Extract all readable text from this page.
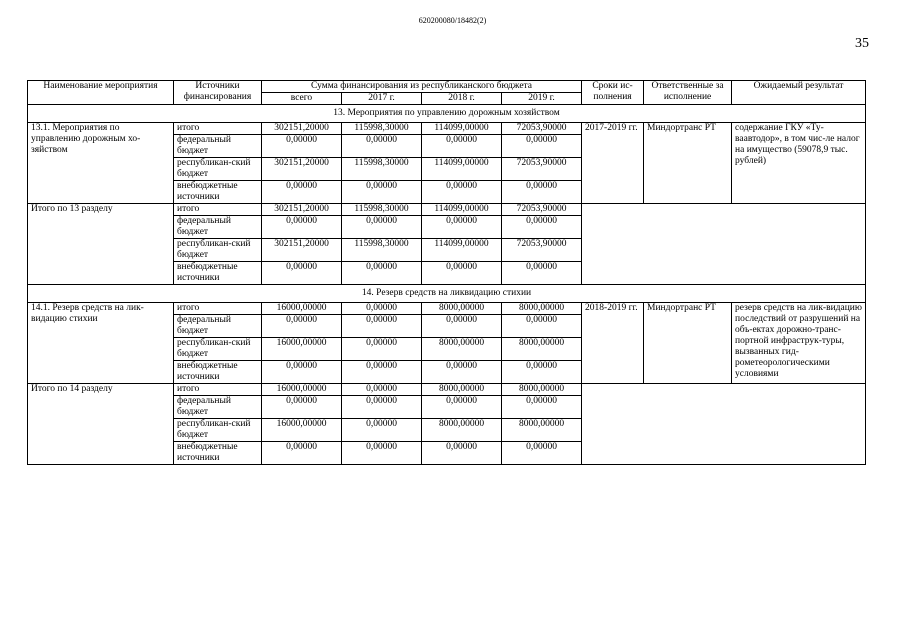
620200080/18482(2)
35
Наименование мероприятия	Источники финансирования	Сумма финансирования из республиканского бюджета				Сроки ис-полнения	Ответственные за исполнение	Ожидаемый результат
		всего	2017 г.	2018 г.	2019 г.			
13. Мероприятия по управлению дорожным хозяйством								
13.1. Мероприятия по управлению дорожным хо-зяйством	итого	302151,20000	115998,30000	114099,00000	72053,90000	2017-2019 гг.	Миндортранс РТ	содержание ГКУ «Ту-ваавтодор», в том чис-ле налог на имущество (59078,9 тыс. рублей)
	федеральный бюджет	0,00000	0,00000	0,00000	0,00000			
	республикан-ский бюджет	302151,20000	115998,30000	114099,00000	72053,90000			
	внебюджетные источники	0,00000	0,00000	0,00000	0,00000			
Итого по 13 разделу	итого	302151,20000	115998,30000	114099,00000	72053,90000			
	федеральный бюджет	0,00000	0,00000	0,00000	0,00000			
	республикан-ский бюджет	302151,20000	115998,30000	114099,00000	72053,90000			
	внебюджетные источники	0,00000	0,00000	0,00000	0,00000			
14. Резерв средств на ликвидацию стихии								
14.1. Резерв средств на лик-видацию стихии	итого	16000,00000	0,00000	8000,00000	8000,00000	2018-2019 гг.	Миндортранс РТ	резерв средств на лик-видацию последствий от разрушений на объ-ектах дорожно-транс-портной инфраструк-туры, вызванных гид-рометеорологическими условиями
	федеральный бюджет	0,00000	0,00000	0,00000	0,00000			
	республикан-ский бюджет	16000,00000	0,00000	8000,00000	8000,00000			
	внебюджетные источники	0,00000	0,00000	0,00000	0,00000			
Итого по 14 разделу	итого	16000,00000	0,00000	8000,00000	8000,00000			
	федеральный бюджет	0,00000	0,00000	0,00000	0,00000			
	республикан-ский бюджет	16000,00000	0,00000	8000,00000	8000,00000			
	внебюджетные источники	0,00000	0,00000	0,00000	0,00000			
